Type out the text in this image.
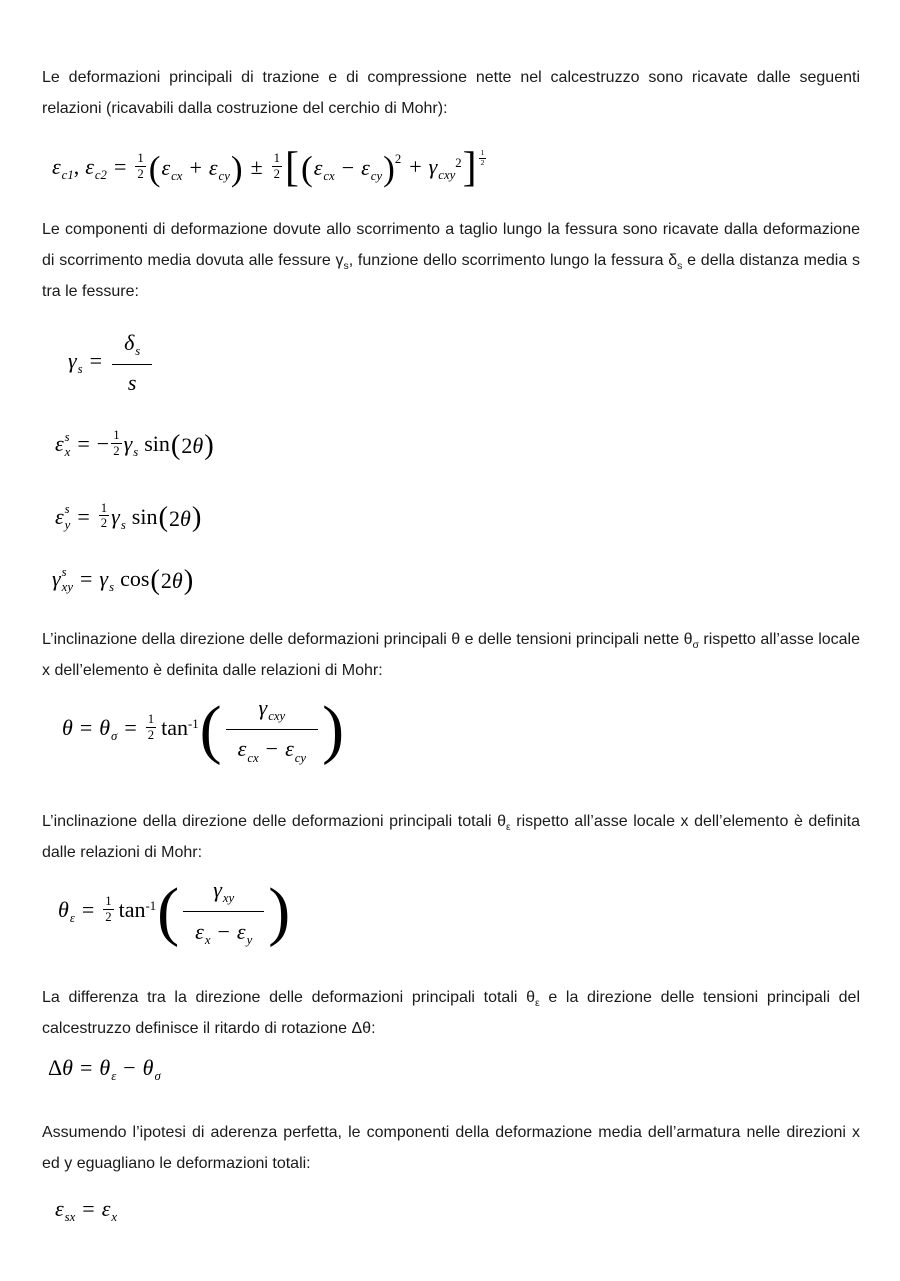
Le deformazioni principali di trazione e di compressione nette nel calcestruzzo sono ricavate dalle seguenti relazioni (ricavabili dalla costruzione del cerchio di Mohr):

ε c1 , ε $c2 = \frac{1}{2}$ ( ε cx + ε cy ) ± $\frac{1}{2}$ [ ( ε cx − ε cy ) 2 + γ cxy
2 ] $\frac{1}{2}$

Le componenti di deformazione dovute allo scorrimento a taglio lungo la fessura sono ricavate dalla deformazione di scorrimento media dovuta alle fessure $\gamma_s$, funzione dello scorrimento lungo la fessura $\delta_s$ e della distanza media s tra le fessure:

γ $s = \frac{\text{δ s}}{s}$
ε s
x = − $\frac{1}{2}$ γ s sin ( 2θ )
ε s
$y = \frac{1}{2}$ γ s sin ( 2θ )
γ s
xy = γ s cos ( 2θ )

L’inclinazione della direzione delle deformazioni principali θ e delle tensioni principali nette $\theta_\sigma$ rispetto all’asse locale x dell’elemento è definita dalle relazioni di Mohr:

θ = θ $\sigma = \frac{1}{2} \tan-1$ (	γ cxy
ε cx − ε cy )

L’inclinazione della direzione delle deformazioni principali totali $\theta_\varepsilon$ rispetto all’asse locale x dell’elemento è definita dalle relazioni di Mohr:

θ $\varepsilon = \frac{1}{2} \tan-1$ ( $\frac{\text{γ xy}}{\text{ε x − ε y}}$ )

La differenza tra la direzione delle deformazioni principali totali $\theta_\varepsilon$ e la direzione delle tensioni principali del calcestruzzo definisce il ritardo di rotazione Δθ:

Δθ = θ ε − θ σ

Assumendo l’ipotesi di aderenza perfetta, le componenti della deformazione media dell’armatura nelle direzioni x ed y eguagliano le deformazioni totali:

ε sx = ε x
